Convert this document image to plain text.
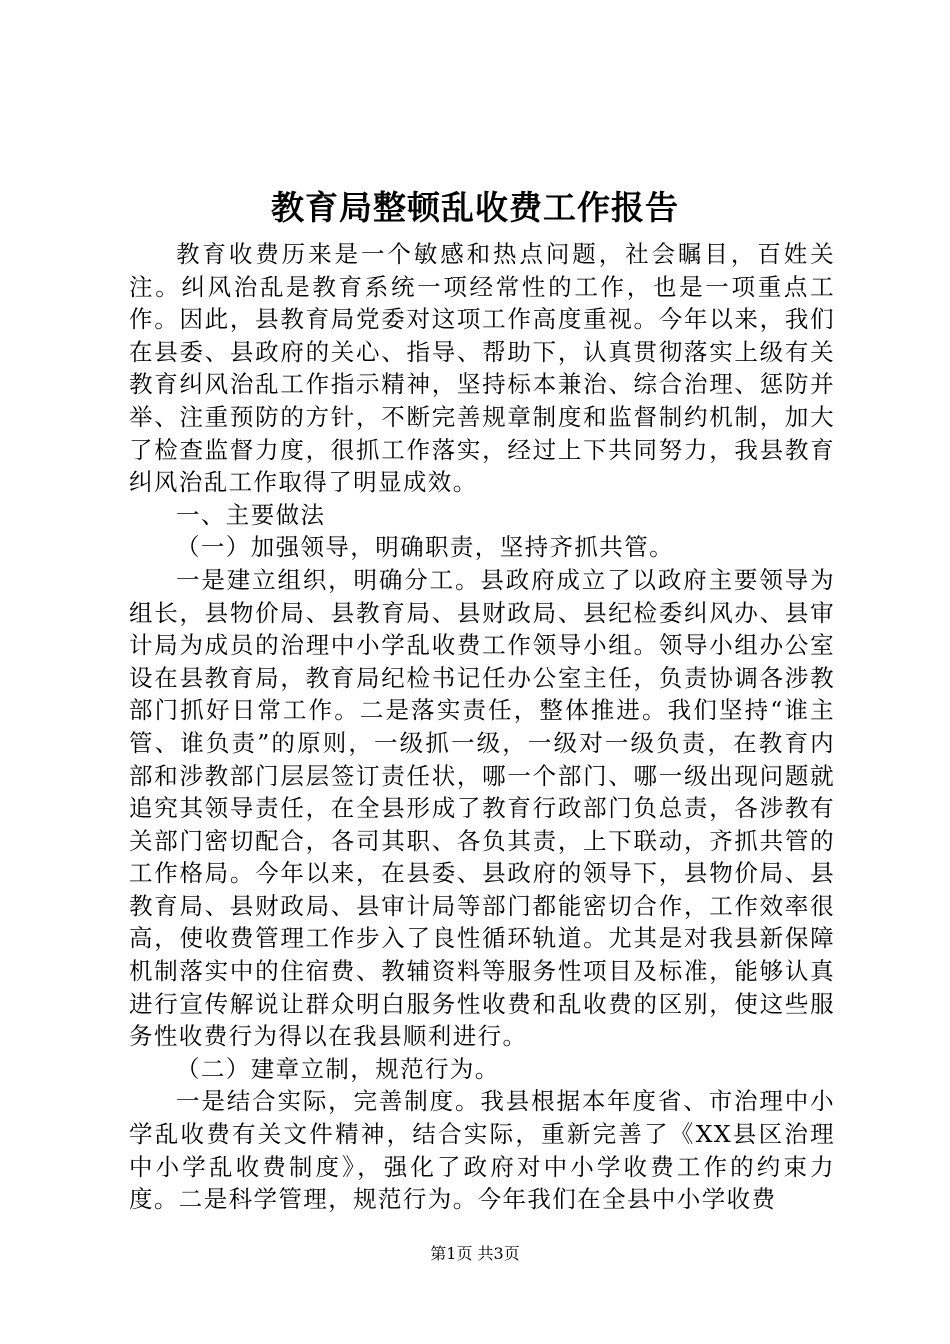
教育局整顿乱收费工作报告

教育收费历来是一个敏感和热点问题，社会瞩目，百姓关注。纠风治乱是教育系统一项经常性的工作，也是一项重点工作。因此，县教育局党委对这项工作高度重视。今年以来，我们在县委、县政府的关心、指导、帮助下，认真贯彻落实上级有关教育纠风治乱工作指示精神，坚持标本兼治、综合治理、惩防并举、注重预防的方针，不断完善规章制度和监督制约机制，加大了检查监督力度，很抓工作落实，经过上下共同努力，我县教育纠风治乱工作取得了明显成效。

一、主要做法

（一）加强领导，明确职责，坚持齐抓共管。

一是建立组织，明确分工。县政府成立了以政府主要领导为组长，县物价局、县教育局、县财政局、县纪检委纠风办、县审计局为成员的治理中小学乱收费工作领导小组。领导小组办公室设在县教育局，教育局纪检书记任办公室主任，负责协调各涉教部门抓好日常工作。二是落实责任，整体推进。我们坚持“谁主管、谁负责”的原则，一级抓一级，一级对一级负责，在教育内部和涉教部门层层签订责任状，哪一个部门、哪一级出现问题就追究其领导责任，在全县形成了教育行政部门负总责，各涉教有关部门密切配合，各司其职、各负其责，上下联动，齐抓共管的工作格局。今年以来，在县委、县政府的领导下，县物价局、县教育局、县财政局、县审计局等部门都能密切合作，工作效率很高，使收费管理工作步入了良性循环轨道。尤其是对我县新保障机制落实中的住宿费、教辅资料等服务性项目及标准，能够认真进行宣传解说让群众明白服务性收费和乱收费的区别，使这些服务性收费行为得以在我县顺利进行。

（二）建章立制，规范行为。

一是结合实际，完善制度。我县根据本年度省、市治理中小学乱收费有关文件精神，结合实际，重新完善了《XX县区治理中小学乱收费制度》，强化了政府对中小学收费工作的约束力度。二是科学管理，规范行为。今年我们在全县中小学收费

第1页 共3页
